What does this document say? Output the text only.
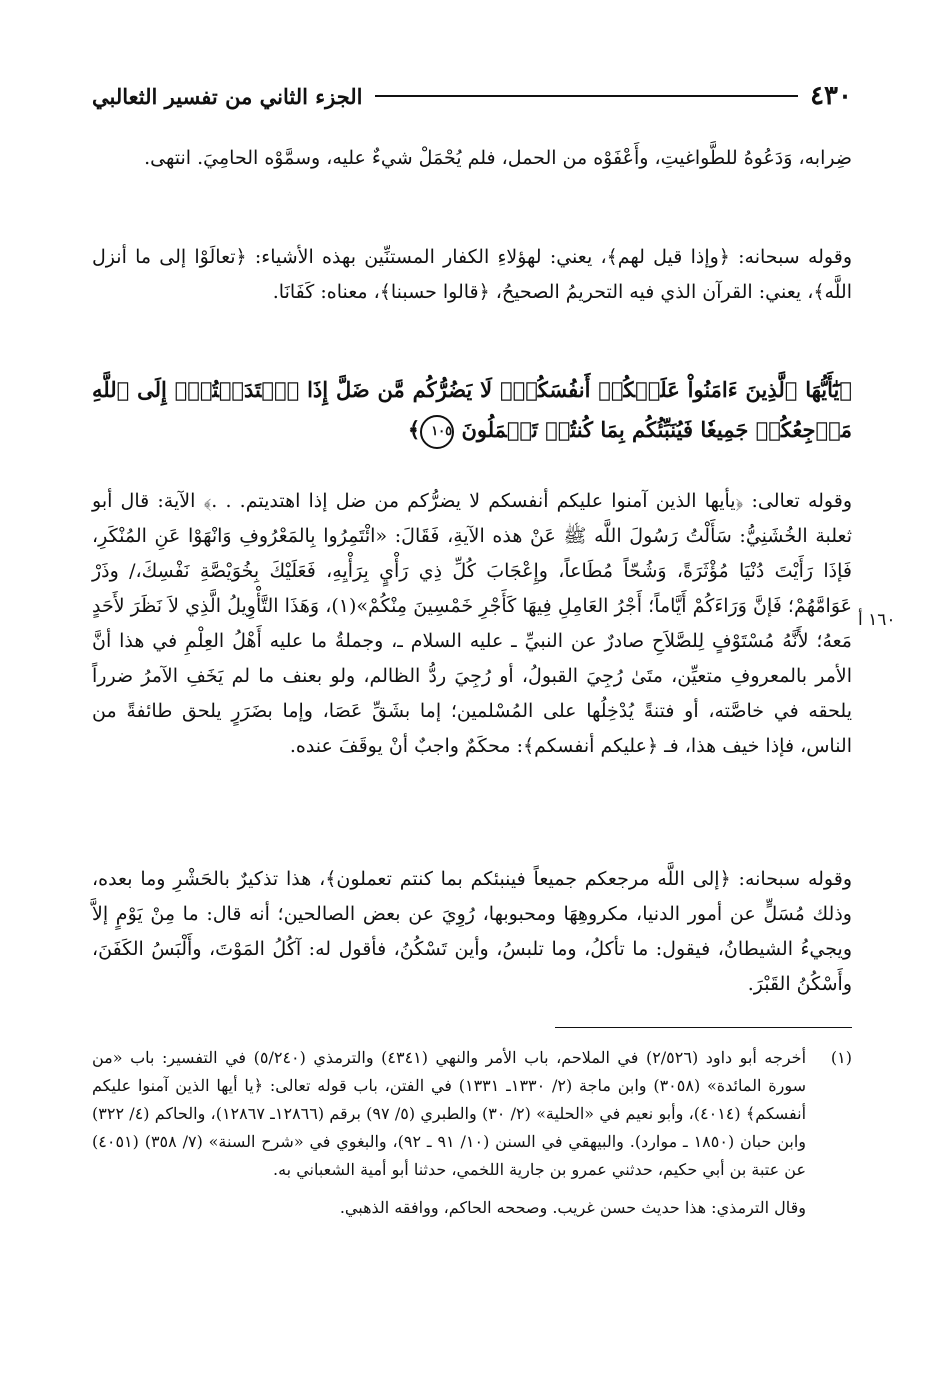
٤٣٠
الجزء الثاني من تفسير الثعالبي

ضِرابه، وَدَعُوهُ للطَّواغيتِ، وأَعْفَوْه من الحمل، فلم يُحْمَلْ شيءٌ عليه، وسمَّوْه الحامِيَ. انتهى.

وقوله سبحانه: ﴿وإذا قيل لهم﴾، يعني: لهؤلاءِ الكفار المستنِّين بهذه الأشياء: ﴿تعالَوْا إلى ما أنزل اللَّه﴾، يعني: القرآن الذي فيه التحريمُ الصحيحُ، ﴿قالوا حسبنا﴾، معناه: كَفَانَا.

﴿يَٰٓأَيُّهَا ٱلَّذِينَ ءَامَنُواْ عَلَيۡكُمۡ أَنفُسَكُمۡۖ لَا يَضُرُّكُم مَّن ضَلَّ إِذَا ٱهۡتَدَيۡتُمۡۚ إِلَى ٱللَّهِ مَرۡجِعُكُمۡ جَمِيعٗا فَيُنَبِّئُكُم بِمَا كُنتُمۡ تَعۡمَلُونَ ١٠٥﴾

وقوله تعالى: ﴿يأيها الذين آمنوا عليكم أنفسكم لا يضرُّكم من ضل إذا اهتديتم. . .﴾ الآية: قال أبو ثعلبة الخُشَنِيُّ: سَأَلْتُ رَسُولَ اللَّه ﷺ عَنْ هذه الآيةِ، فَقَالَ: «ائْتَمِرُوا بِالمَعْرُوفِ وَانْهَوْا عَنِ المُنْكَرِ، فَإذَا رَأَيْتَ دُنْيَا مُؤْثَرَةً، وَشُحّاً مُطَاعاً، وإِعْجَابَ كُلِّ ذِي رَأْيٍ بِرَأْيِهِ، فَعَلَيْكَ بِخُوَيْصَّةِ نَفْسِكَ،/ وذَرْ عَوَامَّهُمْ؛ فَإنَّ وَرَاءَكُمْ أَيَّاماً؛ أَجْرُ العَامِلِ فِيهَا كَأَجْرِ خَمْسِينَ مِنْكُمْ»(١)، وَهَذَا التَّأْوِيلُ الَّذِي لاَ نَظَرَ لأَحَدٍ مَعهُ؛ لأَنَّهُ مُسْتَوْفٍ لِلصَّلاَحِ صادرٌ عن النبيِّ ـ عليه السلام ـ، وجملةُ ما عليه أَهْلُ العِلْمِ في هذا أنَّ الأمر بالمعروفِ متعيِّن، متَىٰ رُجِيَ القبولُ، أو رُجِيَ ردُّ الظالم، ولو بعنف ما لم يَخَفِ الآمرُ ضرراً يلحقه في خاصَّته، أو فتنةً يُدْخِلُها على المُسْلمين؛ إما بشَقِّ عَصَا، وإما بضَرَرٍ يلحق طائفةً من الناس، فإذا خيف هذا، فـ ﴿عليكم أنفسكم﴾: محكَمٌ واجبٌ أنْ يوقَفَ عنده.

١٦٠ أ

وقوله سبحانه: ﴿إلى اللَّه مرجعكم جميعاً فينبئكم بما كنتم تعملون﴾، هذا تذكيرٌ بالحَشْرِ وما بعده، وذلك مُسَلٍّ عن أمور الدنيا، مكروهِهَا ومحبوبها، رُوِيَ عن بعض الصالحين؛ أنه قال: ما مِنْ يَوْمٍ إلاَّ ويجيءُ الشيطانُ، فيقول: ما تأكلُ، وما تلبسُ، وأين تَسْكُنُ، فأقول له: آكُلُ المَوْتَ، وأَلْبَسُ الكَفَنَ، وأَسْكُنُ القَبْرَ.

(١)
أخرجه أبو داود (٢/٥٢٦) في الملاحم، باب الأمر والنهي (٤٣٤١) والترمذي (٥/٢٤٠) في التفسير: باب «من سورة المائدة» (٣٠٥٨) وابن ماجة (٢/ ١٣٣٠ـ ١٣٣١) في الفتن، باب قوله تعالى: ﴿يا أيها الذين آمنوا عليكم أنفسكم﴾ (٤٠١٤)، وأبو نعيم في «الحلية» (٢/ ٣٠) والطبري (٥/ ٩٧) برقم (١٢٨٦٦ـ ١٢٨٦٧)، والحاكم (٤/ ٣٢٢) وابن حبان (١٨٥٠ ـ موارد). والبيهقي في السنن (١٠/ ٩١ ـ ٩٢)، والبغوي في «شرح السنة» (٧/ ٣٥٨) (٤٠٥١) عن عتبة بن أبي حكيم، حدثني عمرو بن جارية اللخمي، حدثنا أبو أمية الشعباني به.
وقال الترمذي: هذا حديث حسن غريب. وصححه الحاكم، ووافقه الذهبي.
